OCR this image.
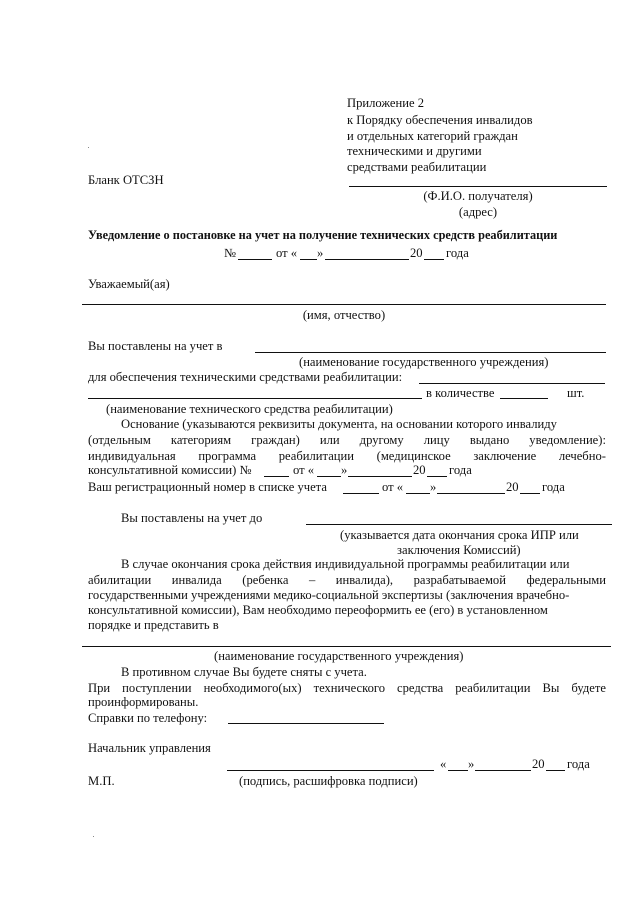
Приложение 2
к Порядку обеспечения инвалидов
и отдельных категорий граждан
техническими и другими
средствами реабилитации
Бланк ОТСЗН
(Ф.И.О. получателя)
(адрес)
Уведомление о постановке на учет на получение технических средств реабилитации
№	от « »	20 года
Уважаемый(ая)
(имя, отчество)
Вы поставлены на учет в
(наименование государственного учреждения)
для обеспечения техническими средствами реабилитации:
в количестве	шт.
(наименование технического средства реабилитации)
Основание (указываются реквизиты документа, на основании которого инвалиду
(отдельным категориям граждан) или другому лицу выдано уведомление):
индивидуальная программа реабилитации (медицинское заключение лечебно-
консультативной комиссии) №	от « »	20 года
Ваш регистрационный номер в списке учета	от « »	20 года
Вы поставлены на учет до
(указывается дата окончания срока ИПР или
заключения Комиссий)
В случае окончания срока действия индивидуальной программы реабилитации или
абилитации инвалида (ребенка – инвалида), разрабатываемой федеральными
государственными учреждениями медико-социальной экспертизы (заключения врачебно-
консультативной комиссии), Вам необходимо переоформить ее (его) в установленном
порядке и представить в
(наименование государственного учреждения)
В противном случае Вы будете сняты с учета.
При поступлении необходимого(ых) технического средства реабилитации Вы будете
проинформированы.
Справки по телефону:
Начальник управления
« »	20 года
М.П.	(подпись, расшифровка подписи)
